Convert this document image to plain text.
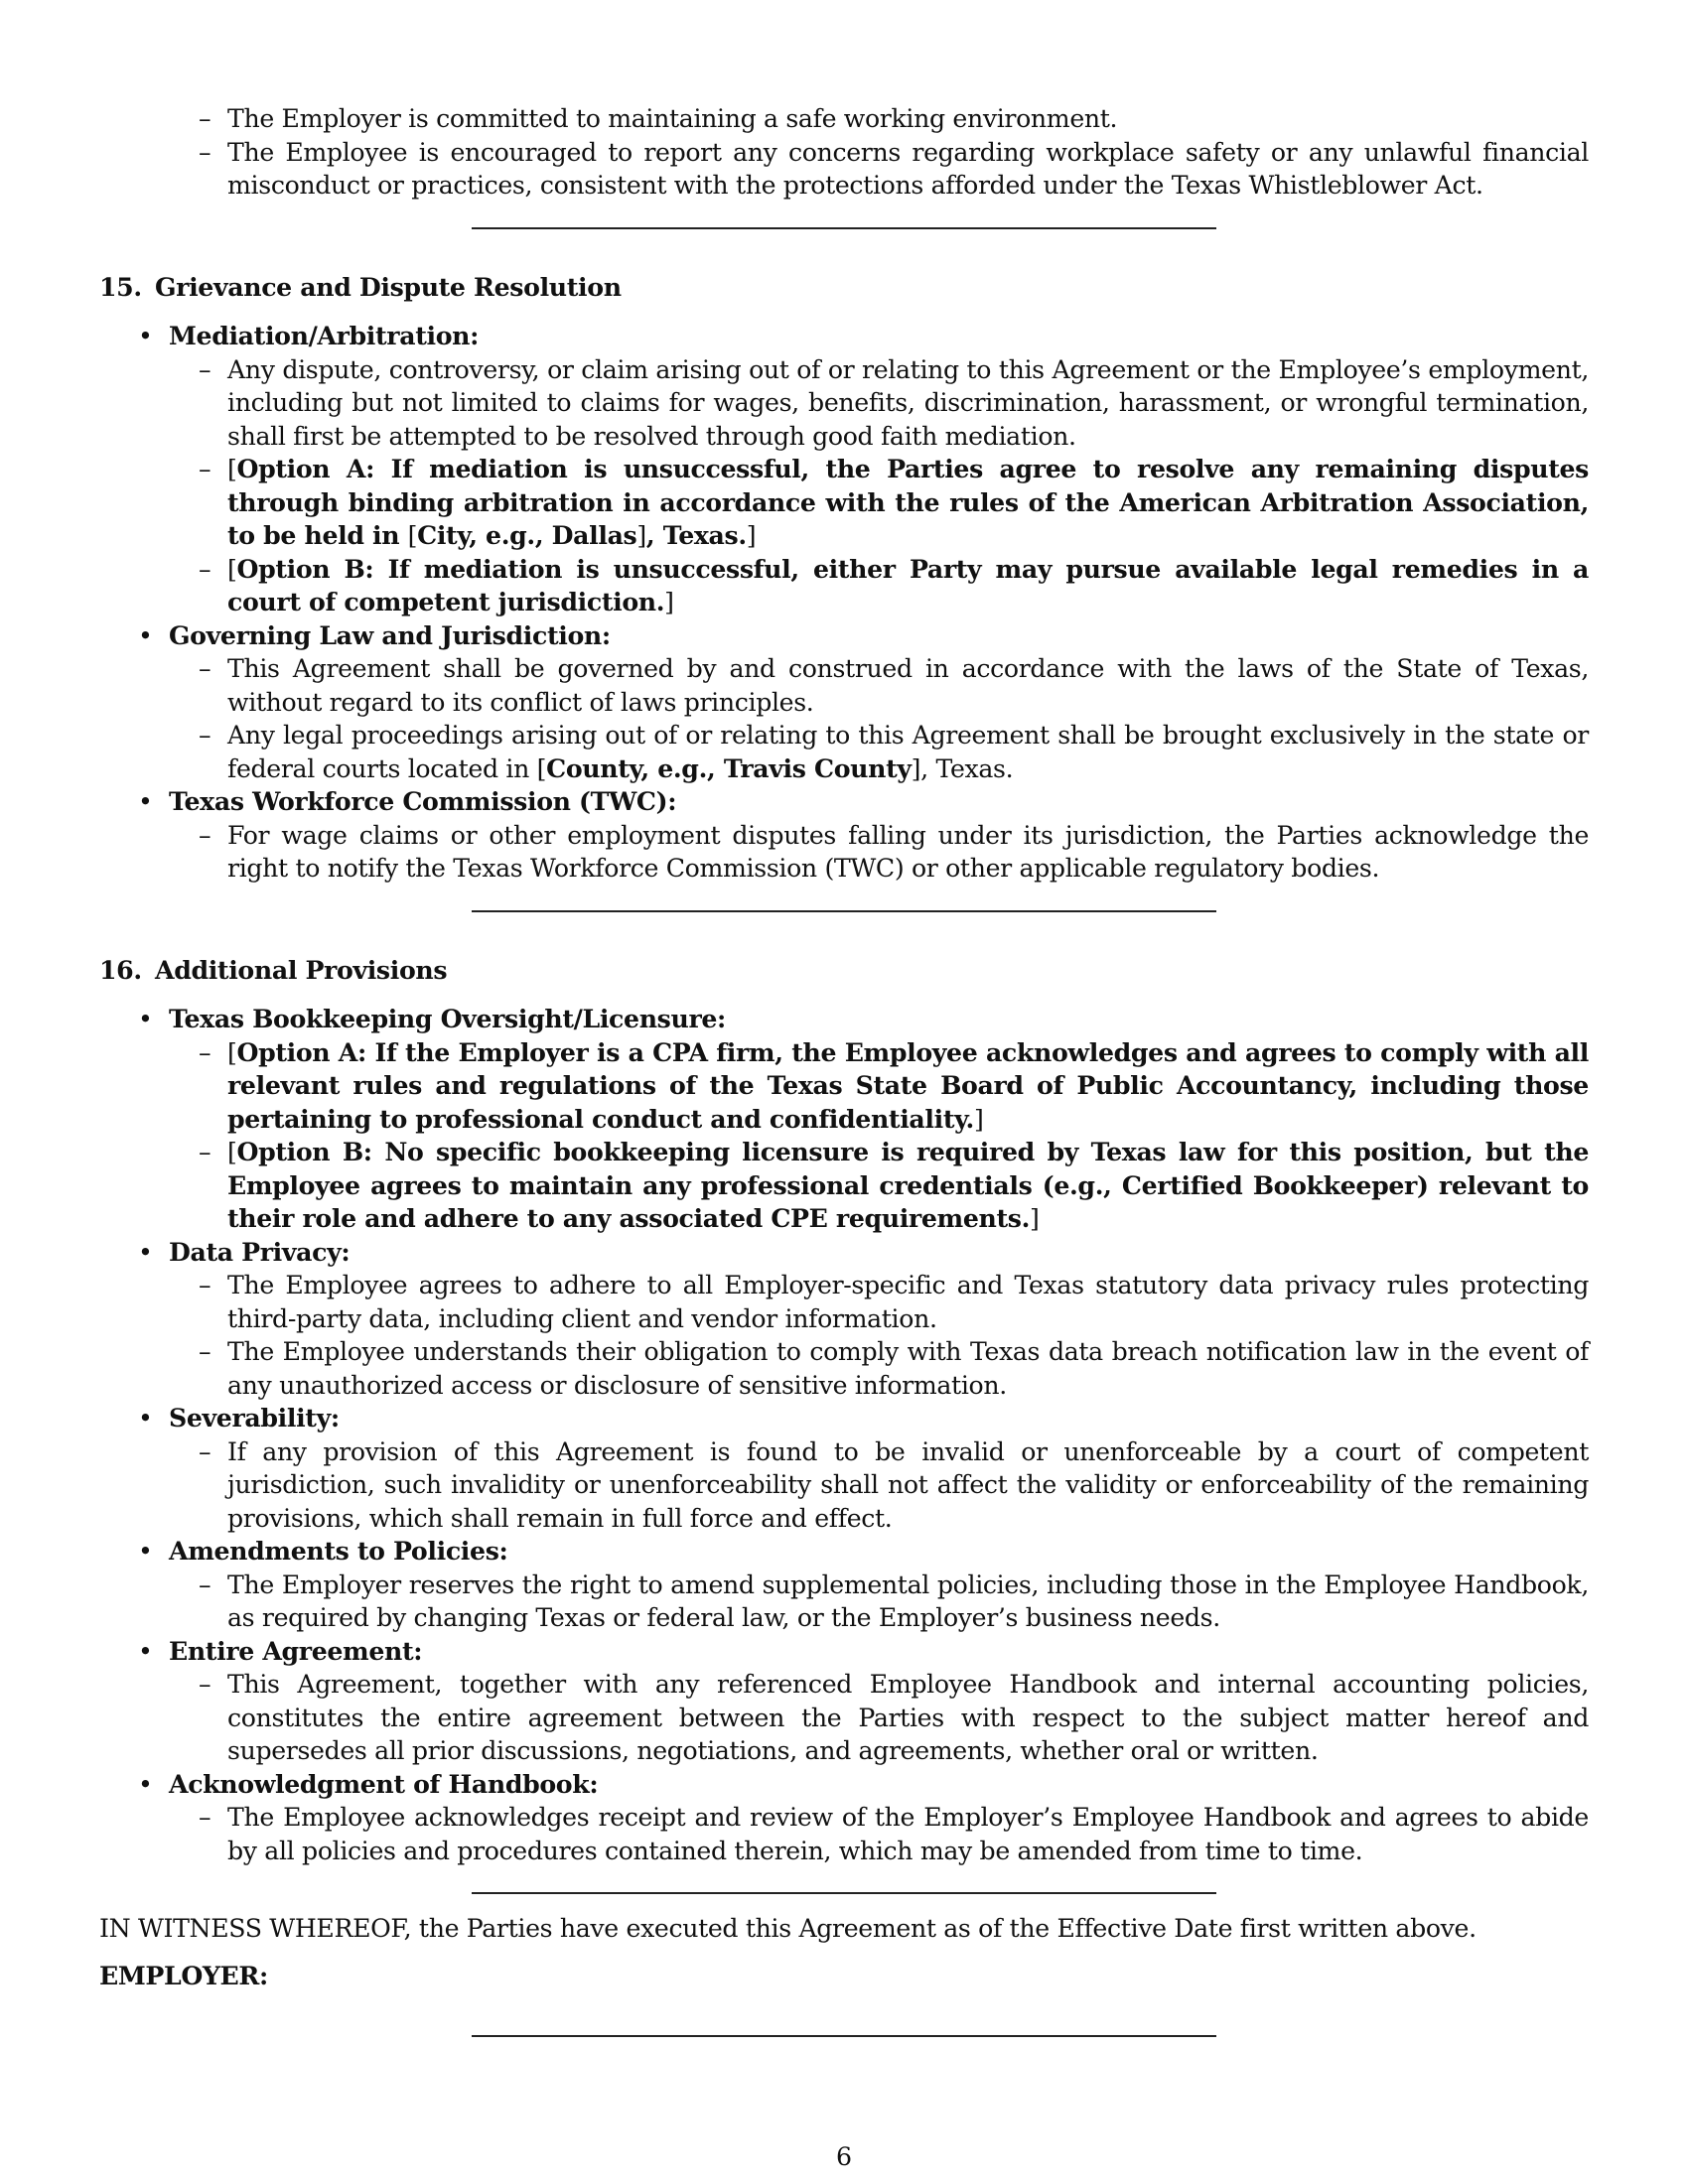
– The Employer is committed to maintaining a safe working environment.
– The Employee is encouraged to report any concerns regarding workplace safety or any unlawful financial misconduct or practices, consistent with the protections afforded under the Texas Whistleblower Act.

15. Grievance and Dispute Resolution

• Mediation/Arbitration:
– Any dispute, controversy, or claim arising out of or relating to this Agreement or the Employee’s employment, including but not limited to claims for wages, benefits, discrimination, harassment, or wrongful termination, shall first be attempted to be resolved through good faith mediation.
– [Option A: If mediation is unsuccessful, the Parties agree to resolve any remaining disputes through binding arbitration in accordance with the rules of the American Arbitration Association, to be held in [City, e.g., Dallas], Texas.]
– [Option B: If mediation is unsuccessful, either Party may pursue available legal remedies in a court of competent jurisdiction.]
• Governing Law and Jurisdiction:
– This Agreement shall be governed by and construed in accordance with the laws of the State of Texas, without regard to its conflict of laws principles.
– Any legal proceedings arising out of or relating to this Agreement shall be brought exclusively in the state or federal courts located in [County, e.g., Travis County], Texas.
• Texas Workforce Commission (TWC):
– For wage claims or other employment disputes falling under its jurisdiction, the Parties acknowledge the right to notify the Texas Workforce Commission (TWC) or other applicable regulatory bodies.

16. Additional Provisions

• Texas Bookkeeping Oversight/Licensure:
– [Option A: If the Employer is a CPA firm, the Employee acknowledges and agrees to comply with all relevant rules and regulations of the Texas State Board of Public Accountancy, including those pertaining to professional conduct and confidentiality.]
– [Option B: No specific bookkeeping licensure is required by Texas law for this position, but the Employee agrees to maintain any professional credentials (e.g., Certified Bookkeeper) relevant to their role and adhere to any associated CPE requirements.]
• Data Privacy:
– The Employee agrees to adhere to all Employer-specific and Texas statutory data privacy rules protecting third-party data, including client and vendor information.
– The Employee understands their obligation to comply with Texas data breach notification law in the event of any unauthorized access or disclosure of sensitive information.
• Severability:
– If any provision of this Agreement is found to be invalid or unenforceable by a court of competent jurisdiction, such invalidity or unenforceability shall not affect the validity or enforceability of the remaining provisions, which shall remain in full force and effect.
• Amendments to Policies:
– The Employer reserves the right to amend supplemental policies, including those in the Employee Handbook, as required by changing Texas or federal law, or the Employer’s business needs.
• Entire Agreement:
– This Agreement, together with any referenced Employee Handbook and internal accounting policies, constitutes the entire agreement between the Parties with respect to the subject matter hereof and supersedes all prior discussions, negotiations, and agreements, whether oral or written.
• Acknowledgment of Handbook:
– The Employee acknowledges receipt and review of the Employer’s Employee Handbook and agrees to abide by all policies and procedures contained therein, which may be amended from time to time.

IN WITNESS WHEREOF, the Parties have executed this Agreement as of the Effective Date first written above.

EMPLOYER:

6
